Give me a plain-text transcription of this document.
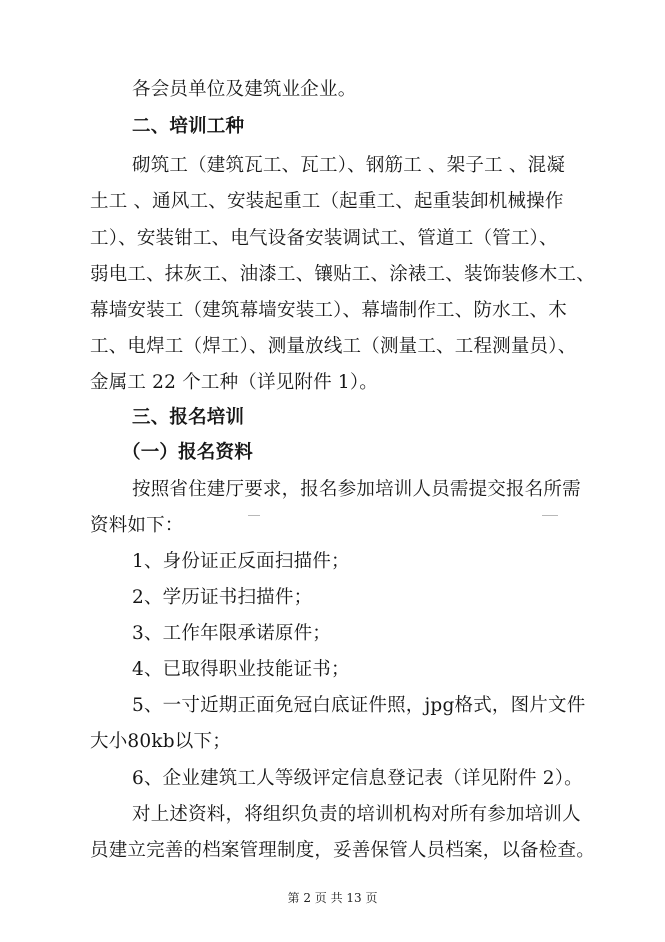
各会员单位及建筑业企业。
二、培训工种
砌筑工（建筑瓦工、瓦工）、钢筋工 、架子工 、混凝
土工 、通风工、安装起重工（起重工、起重装卸机械操作
工）、安装钳工、电气设备安装调试工、管道工（管工）、
弱电工、抹灰工、油漆工、镶贴工、涂裱工、装饰装修木工、
幕墙安装工（建筑幕墙安装工）、幕墙制作工、防水工、木
工、电焊工（焊工）、测量放线工（测量工、工程测量员）、
金属工 22 个工种（详见附件 1）。
三、报名培训
（一）报名资料
按照省住建厅要求，报名参加培训人员需提交报名所需
资料如下：
1、身份证正反面扫描件；
2、学历证书扫描件；
3、工作年限承诺原件；
4、已取得职业技能证书；
5、一寸近期正面免冠白底证件照，jpg格式，图片文件
大小80kb以下；
6、企业建筑工人等级评定信息登记表（详见附件 2）。
对上述资料，将组织负责的培训机构对所有参加培训人
员建立完善的档案管理制度，妥善保管人员档案，以备检查。
第 2 页 共 13 页
